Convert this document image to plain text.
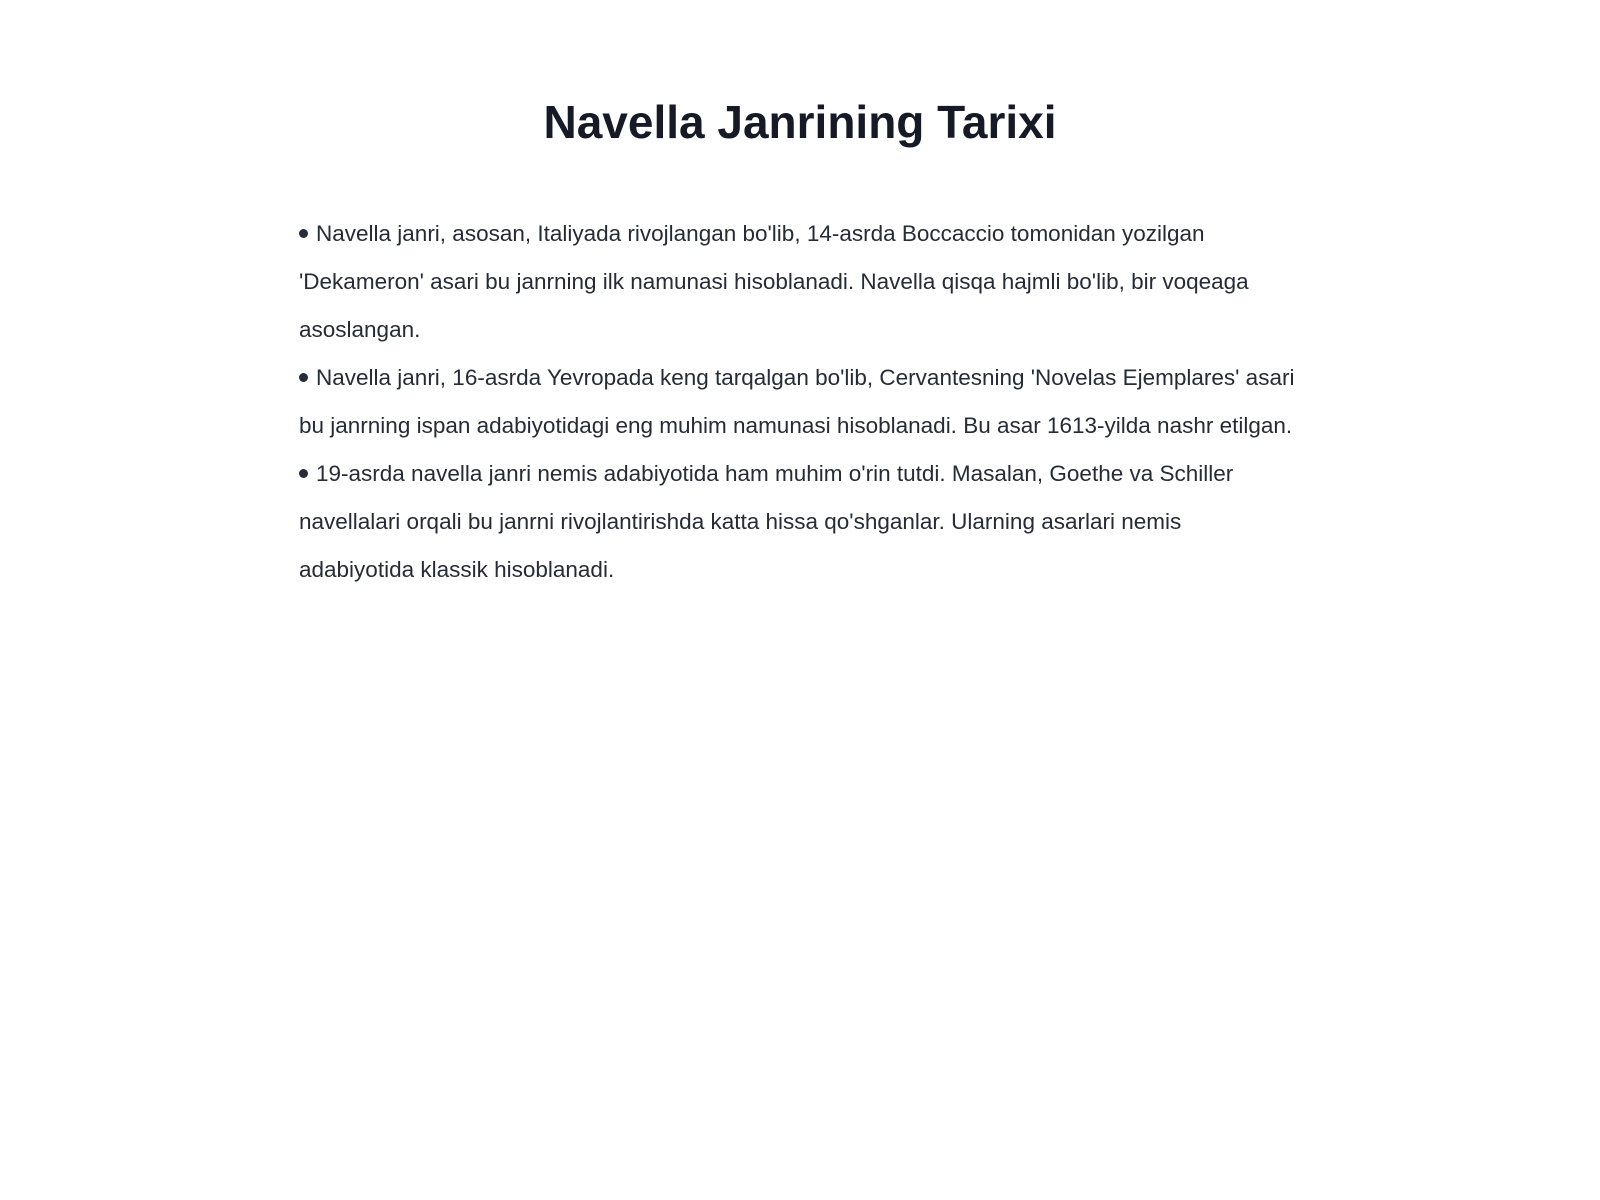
Navella Janrining Tarixi

Navella janri, asosan, Italiyada rivojlangan bo'lib, 14-asrda Boccaccio tomonidan yozilgan 'Dekameron' asari bu janrning ilk namunasi hisoblanadi. Navella qisqa hajmli bo'lib, bir voqeaga asoslangan.

Navella janri, 16-asrda Yevropada keng tarqalgan bo'lib, Cervantesning 'Novelas Ejemplares' asari bu janrning ispan adabiyotidagi eng muhim namunasi hisoblanadi. Bu asar 1613-yilda nashr etilgan.

19-asrda navella janri nemis adabiyotida ham muhim o'rin tutdi. Masalan, Goethe va Schiller navellalari orqali bu janrni rivojlantirishda katta hissa qo'shganlar. Ularning asarlari nemis adabiyotida klassik hisoblanadi.
